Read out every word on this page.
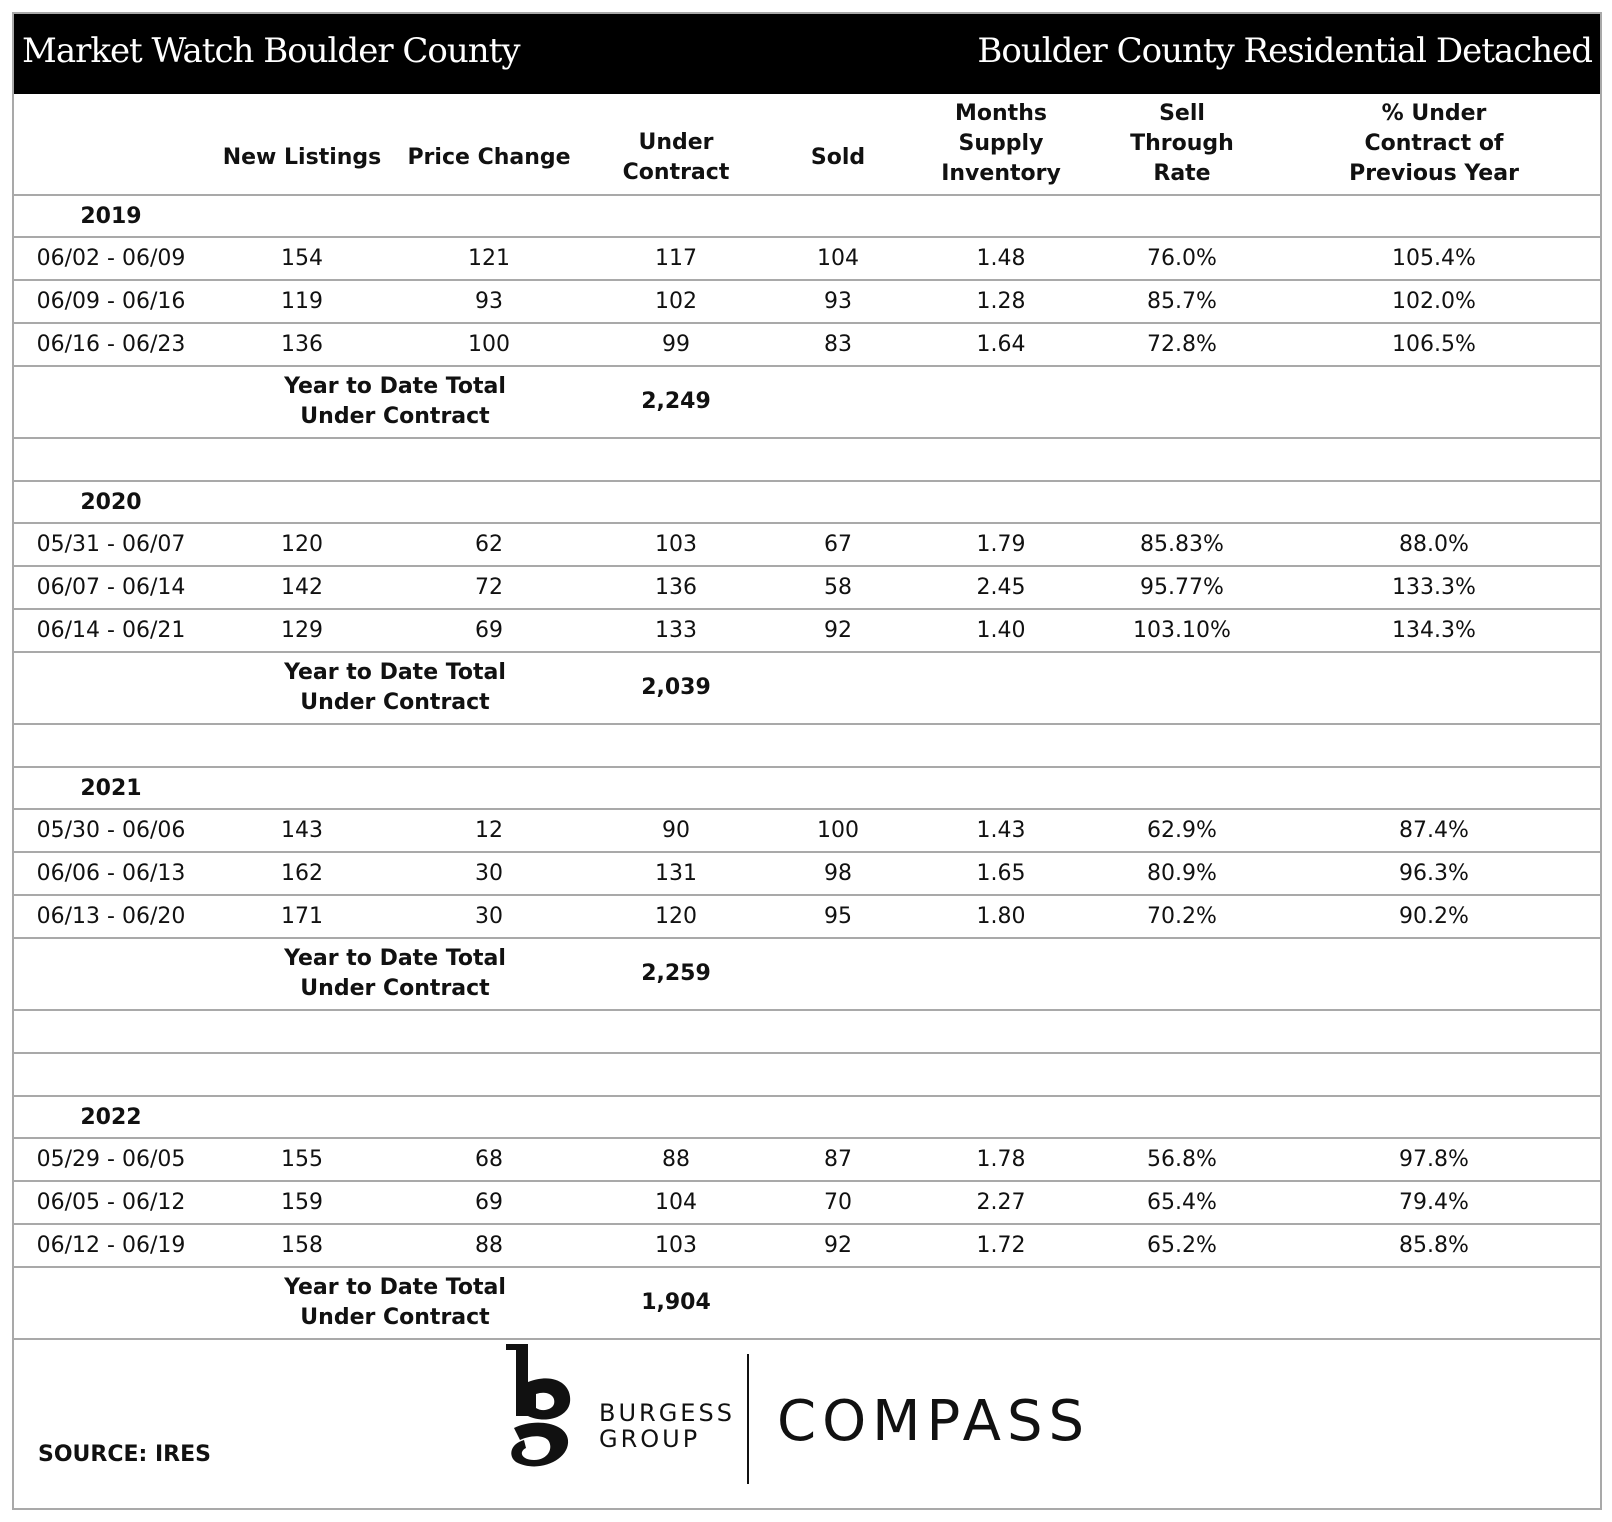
Market Watch Boulder County	Boulder County Residential Detached
	New Listings	Price Change	Under Contract	Sold	Months Supply Inventory	Sell Through Rate	% Under Contract of Previous Year
2019							
06/02 - 06/09	154	121	117	104	1.48	76.0%	105.4%
06/09 - 06/16	119	93	102	93	1.28	85.7%	102.0%
06/16 - 06/23	136	100	99	83	1.64	72.8%	106.5%
	Year to Date Total Under Contract		2,249				

2020							
05/31 - 06/07	120	62	103	67	1.79	85.83%	88.0%
06/07 - 06/14	142	72	136	58	2.45	95.77%	133.3%
06/14 - 06/21	129	69	133	92	1.40	103.10%	134.3%
	Year to Date Total Under Contract		2,039				

2021							
05/30 - 06/06	143	12	90	100	1.43	62.9%	87.4%
06/06 - 06/13	162	30	131	98	1.65	80.9%	96.3%
06/13 - 06/20	171	30	120	95	1.80	70.2%	90.2%
	Year to Date Total Under Contract		2,259				

2022							
05/29 - 06/05	155	68	88	87	1.78	56.8%	97.8%
06/05 - 06/12	159	69	104	70	2.27	65.4%	79.4%
06/12 - 06/19	158	88	103	92	1.72	65.2%	85.8%
	Year to Date Total Under Contract		1,904				
BURGESS
GROUP	COMPASS
SOURCE: IRES
